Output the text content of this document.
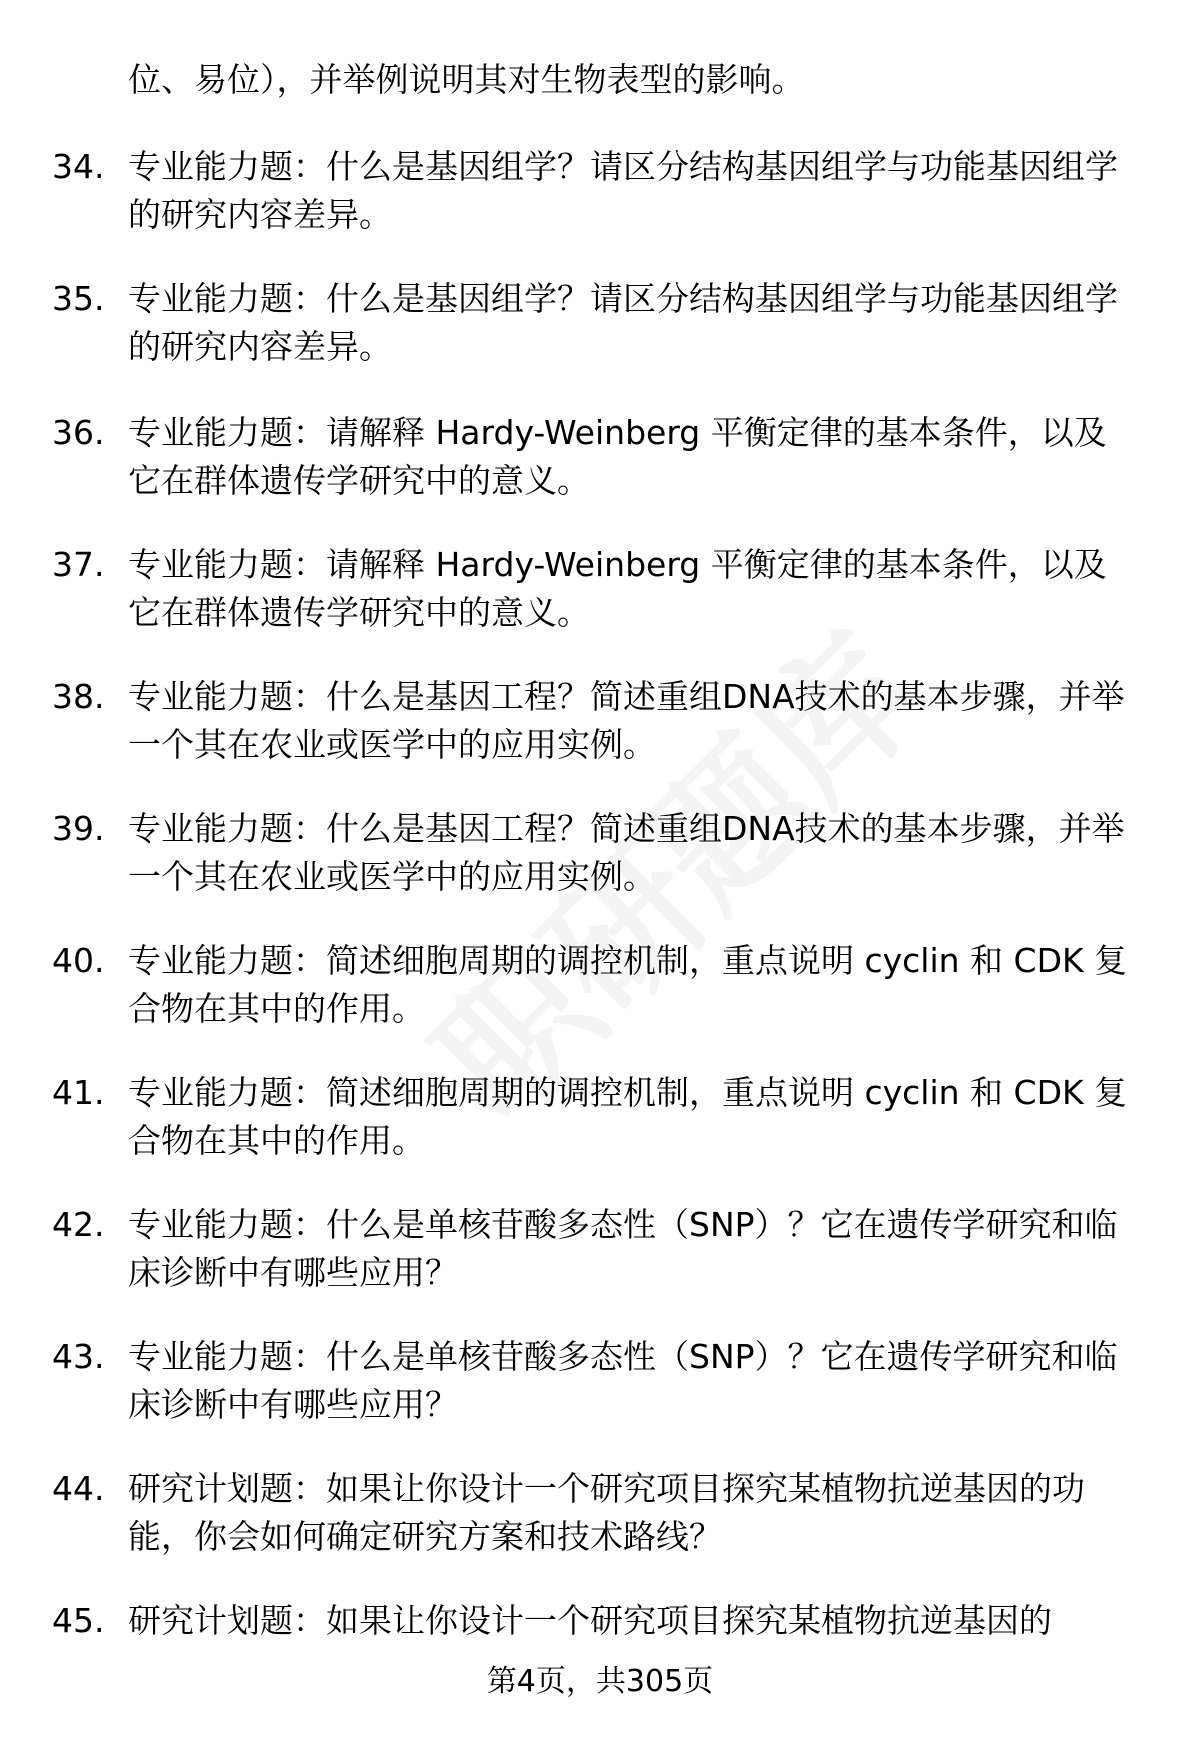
位、易位），并举例说明其对生物表型的影响。
34. 专业能力题：什么是基因组学？请区分结构基因组学与功能基因组学的研究内容差异。
35. 专业能力题：什么是基因组学？请区分结构基因组学与功能基因组学的研究内容差异。
36. 专业能力题：请解释 Hardy-Weinberg 平衡定律的基本条件，以及它在群体遗传学研究中的意义。
37. 专业能力题：请解释 Hardy-Weinberg 平衡定律的基本条件，以及它在群体遗传学研究中的意义。
38. 专业能力题：什么是基因工程？简述重组DNA技术的基本步骤，并举一个其在农业或医学中的应用实例。
39. 专业能力题：什么是基因工程？简述重组DNA技术的基本步骤，并举一个其在农业或医学中的应用实例。
40. 专业能力题：简述细胞周期的调控机制，重点说明 cyclin 和 CDK 复合物在其中的作用。
41. 专业能力题：简述细胞周期的调控机制，重点说明 cyclin 和 CDK 复合物在其中的作用。
42. 专业能力题：什么是单核苷酸多态性（SNP）？它在遗传学研究和临床诊断中有哪些应用？
43. 专业能力题：什么是单核苷酸多态性（SNP）？它在遗传学研究和临床诊断中有哪些应用？
44. 研究计划题：如果让你设计一个研究项目探究某植物抗逆基因的功能，你会如何确定研究方案和技术路线？
45. 研究计划题：如果让你设计一个研究项目探究某植物抗逆基因的
第4页，共305页
